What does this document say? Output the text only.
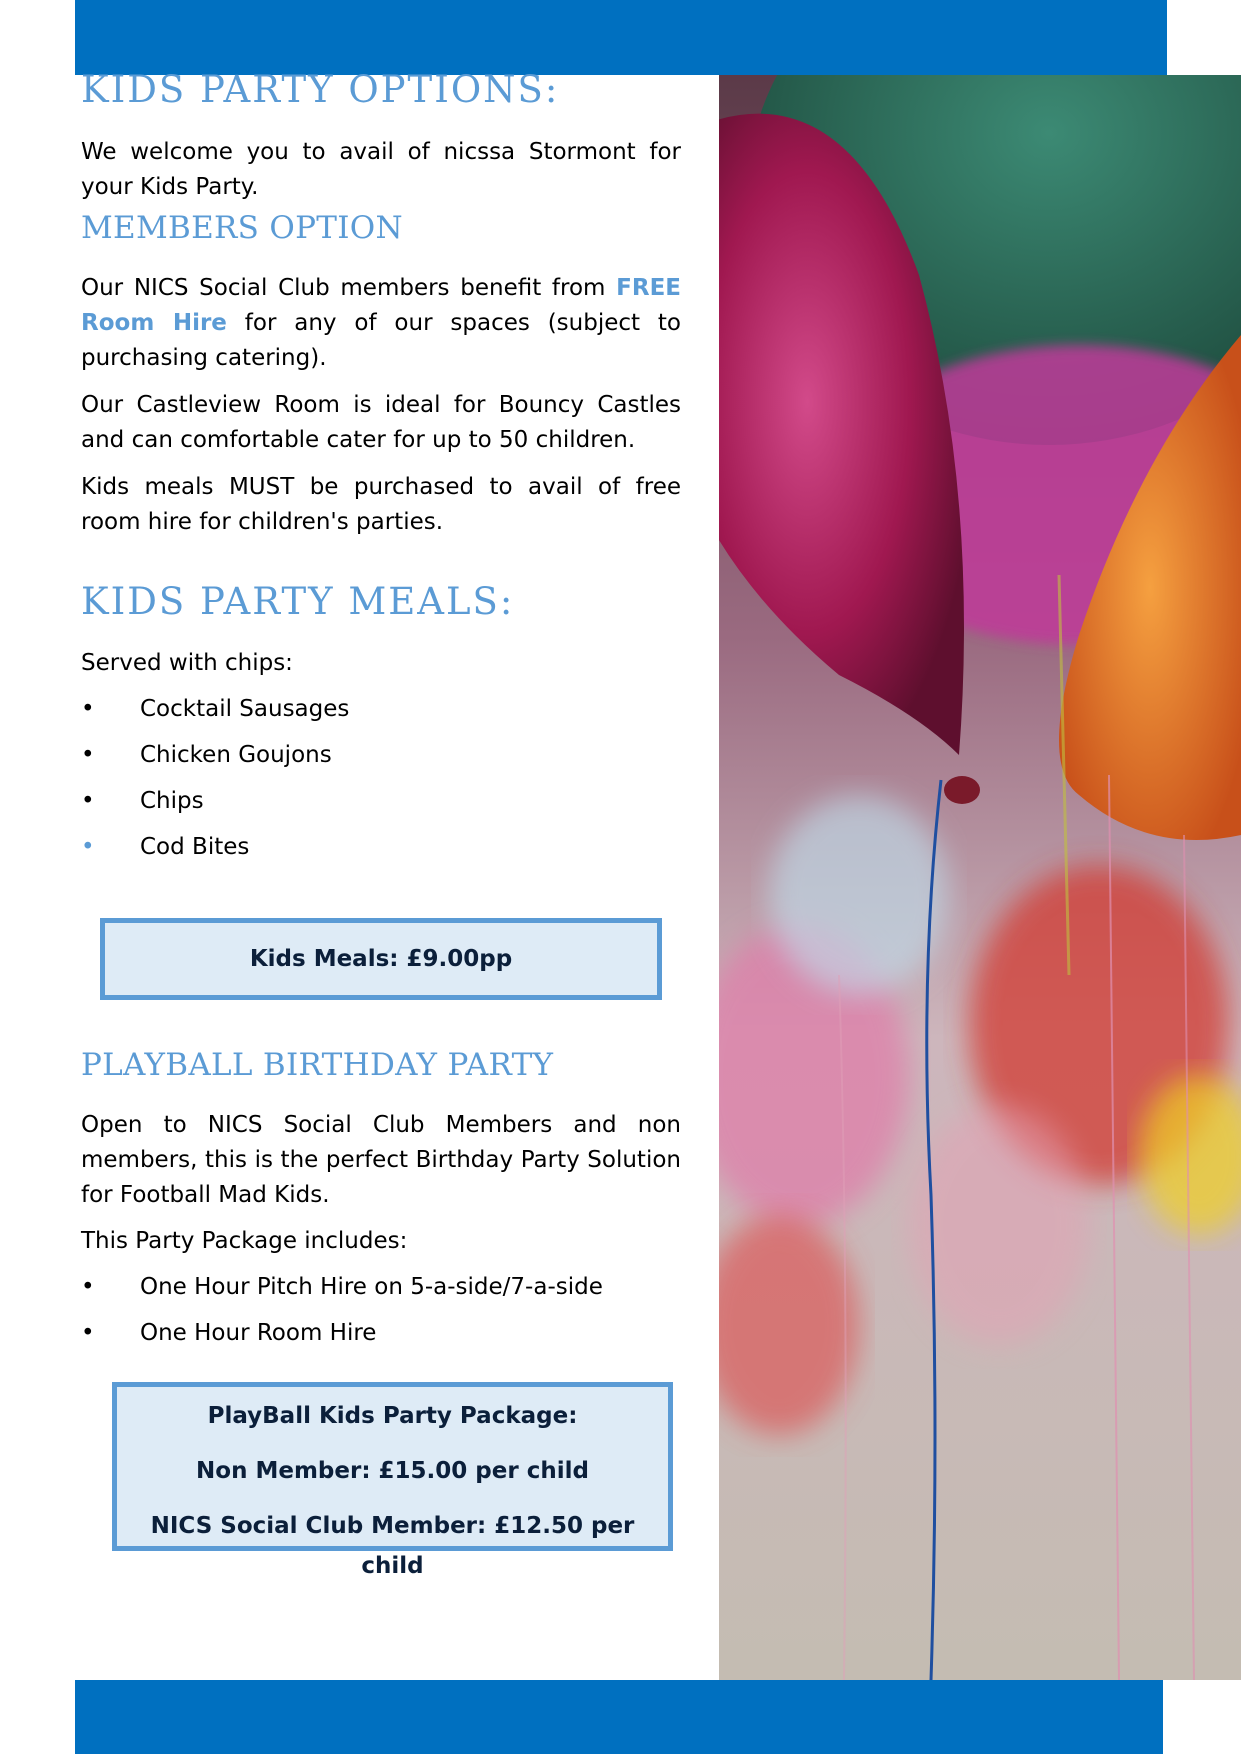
KIDS PARTY OPTIONS:

We welcome you to avail of nicssa Stormont for your Kids Party.

MEMBERS OPTION

Our NICS Social Club members benefit from FREE Room Hire for any of our spaces (subject to purchasing catering).

Our Castleview Room is ideal for Bouncy Castles and can comfortable cater for up to 50 children.

Kids meals MUST be purchased to avail of free room hire for children's parties.

KIDS PARTY MEALS:

Served with chips:

• Cocktail Sausages
• Chicken Goujons
• Chips
• Cod Bites
Kids Meals: £9.00pp
PLAYBALL BIRTHDAY PARTY

Open to NICS Social Club Members and non members, this is the perfect Birthday Party Solution for Football Mad Kids.

This Party Package includes:

• One Hour Pitch Hire on 5-a-side/7-a-side
• One Hour Room Hire
PlayBall Kids Party Package:
Non Member: £15.00 per child
NICS Social Club Member: £12.50 per child
